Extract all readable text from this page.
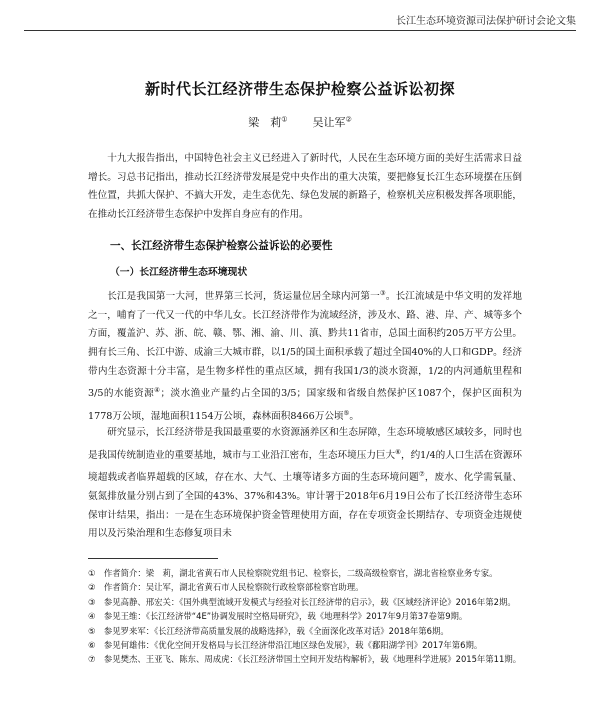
长江生态环境资源司法保护研讨会论文集
新时代长江经济带生态保护检察公益诉讼初探
梁　莉① 吴让军②

十九大报告指出，中国特色社会主义已经进入了新时代，人民在生态环境方面的美好生活需求日益增长。习总书记指出，推动长江经济带发展是党中央作出的重大决策，要把修复长江生态环境摆在压倒性位置，共抓大保护、不搞大开发，走生态优先、绿色发展的新路子，检察机关应积极发挥各项职能，在推动长江经济带生态保护中发挥自身应有的作用。

一、长江经济带生态保护检察公益诉讼的必要性
（一）长江经济带生态环境现状

长江是我国第一大河，世界第三长河，货运量位居全球内河第一③。长江流域是中华文明的发祥地之一，哺育了一代又一代的中华儿女。长江经济带作为流域经济，涉及水、路、港、岸、产、城等多个方面，覆盖沪、苏、浙、皖、赣、鄂、湘、渝、川、滇、黔共11省市，总国土面积约205万平方公里。拥有长三角、长江中游、成渝三大城市群，以1/5的国土面积承载了超过全国40%的人口和GDP。经济带内生态资源十分丰富，是生物多样性的重点区域，拥有我国1/3的淡水资源，1/2的内河通航里程和3/5的水能资源④；淡水渔业产量约占全国的3/5；国家级和省级自然保护区1087个，保护区面积为1778万公顷，湿地面积1154万公顷，森林面积8466万公顷⑤。

研究显示，长江经济带是我国最重要的水资源涵养区和生态屏障，生态环境敏感区域较多，同时也是我国传统制造业的重要基地，城市与工业沿江密布，生态环境压力巨大⑥，约1/4的人口生活在资源环境超载或者临界超载的区域，存在水、大气、土壤等诸多方面的生态环境问题⑦，废水、化学需氧量、氨氮排放量分别占到了全国的43%、37%和43%。审计署于2018年6月19日公布了长江经济带生态环保审计结果，指出：一是在生态环境保护资金管理使用方面，存在专项资金长期结存、专项资金违规使用以及污染治理和生态修复项目未

①　作者简介：梁　莉，湖北省黄石市人民检察院党组书记、检察长，二级高级检察官，湖北省检察业务专家。

②　作者简介：吴让军，湖北省黄石市人民检察院行政检察部检察官助理。

③　参见高静、邢宏关：《国外典型流域开发模式与经验对长江经济带的启示》，载《区域经济评论》2016年第2期。

④　参见王维：《长江经济带“4E”协调发展时空格局研究》，载《地理科学》2017年9月第37卷第9期。

⑤　参见罗来军：《长江经济带高质量发展的战略选择》，载《全面深化改革对话》2018年第6期。

⑥　参见何雄伟：《优化空间开发格局与长江经济带沿江地区绿色发展》，载《鄱阳湖学刊》2017年第6期。

⑦　参见樊杰、王亚飞、陈东、周成虎：《长江经济带国土空间开发结构解析》，载《地理科学进展》2015年第11期。
